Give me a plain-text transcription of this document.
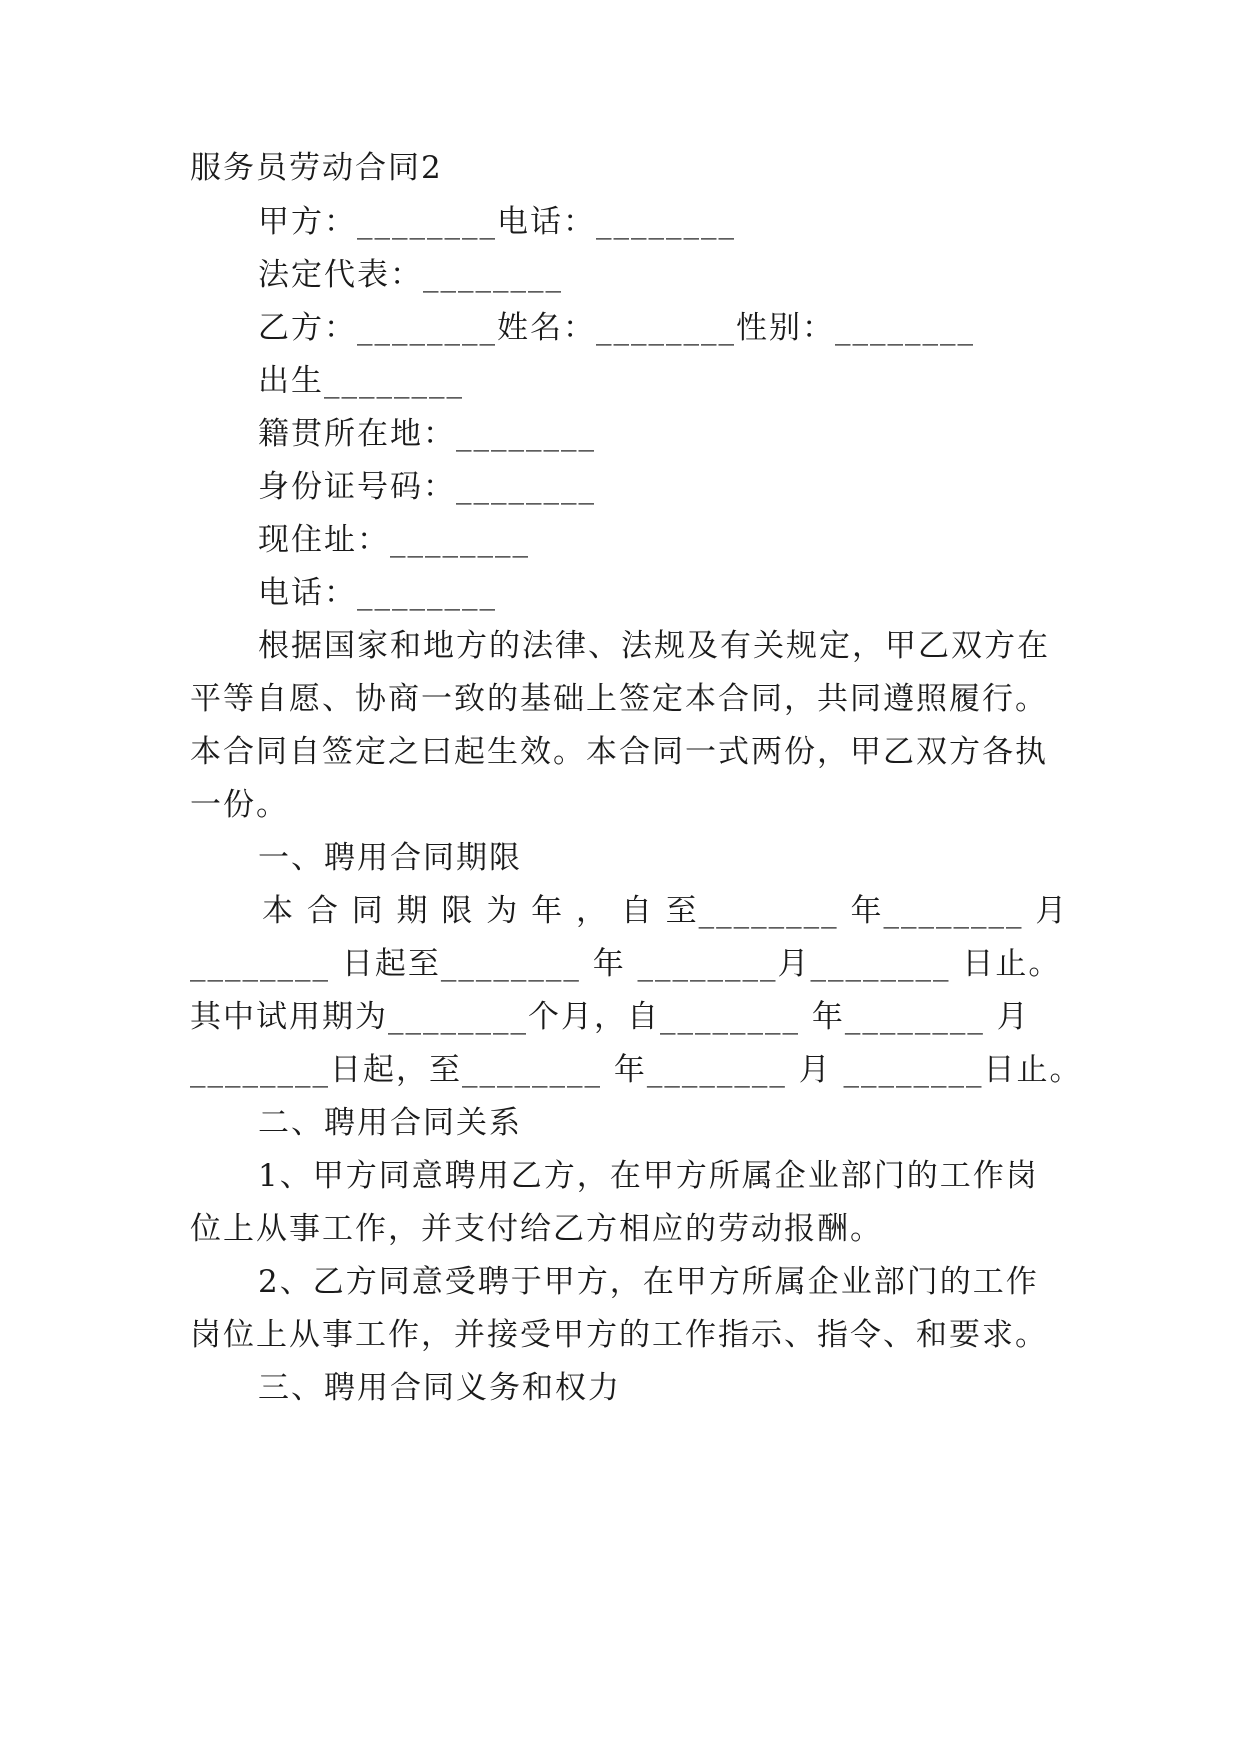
服务员劳动合同2
甲方：________电话：________
法定代表：________
乙方：________姓名：________性别：________
出生________
籍贯所在地：________
身份证号码：________
现住址：________
电话：________
根据国家和地方的法律、法规及有关规定，甲乙双方在
平等自愿、协商一致的基础上签定本合同，共同遵照履行。
本合同自签定之曰起生效。本合同一式两份，甲乙双方各执
一份。
一、聘用合同期限
本 合 同 期 限 为 年 ， 自 至________ 年________ 月
________ 日起至________ 年 ________月________ 日止。
其中试用期为________个月，自________ 年________ 月
________日起，至________ 年________ 月 ________日止。
二、聘用合同关系
1、甲方同意聘用乙方，在甲方所属企业部门的工作岗
位上从事工作，并支付给乙方相应的劳动报酬。
2、乙方同意受聘于甲方，在甲方所属企业部门的工作
岗位上从事工作，并接受甲方的工作指示、指令、和要求。
三、聘用合同义务和权力
